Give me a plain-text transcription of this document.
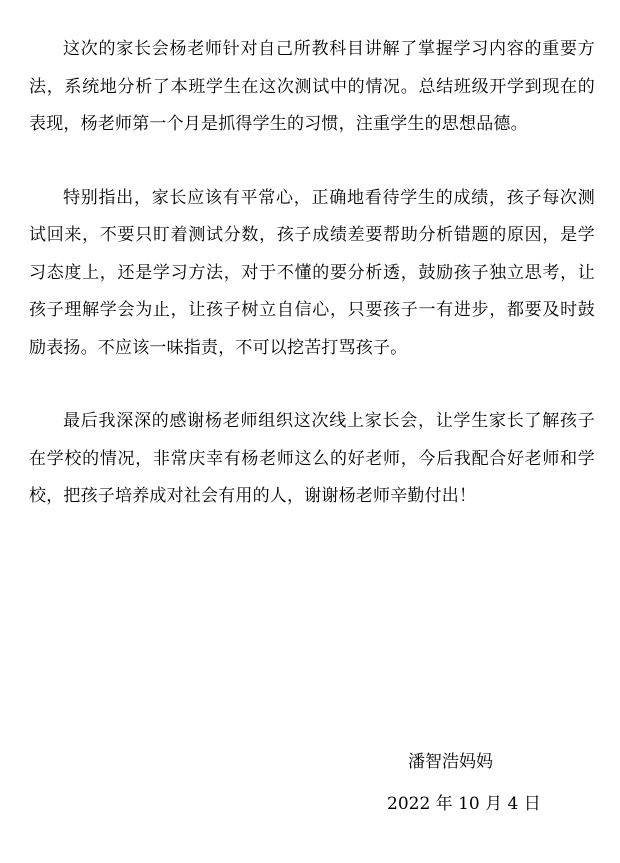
这次的家长会杨老师针对自己所教科目讲解了掌握学习内容的重要方法，系统地分析了本班学生在这次测试中的情况。总结班级开学到现在的表现，杨老师第一个月是抓得学生的习惯，注重学生的思想品德。

特别指出，家长应该有平常心，正确地看待学生的成绩，孩子每次测试回来，不要只盯着测试分数，孩子成绩差要帮助分析错题的原因，是学习态度上，还是学习方法，对于不懂的要分析透，鼓励孩子独立思考，让孩子理解学会为止，让孩子树立自信心，只要孩子一有进步，都要及时鼓励表扬。不应该一味指责，不可以挖苦打骂孩子。

最后我深深的感谢杨老师组织这次线上家长会，让学生家长了解孩子在学校的情况，非常庆幸有杨老师这么的好老师，今后我配合好老师和学校，把孩子培养成对社会有用的人，谢谢杨老师辛勤付出！

潘智浩妈妈
2022 年 10 月 4 日
